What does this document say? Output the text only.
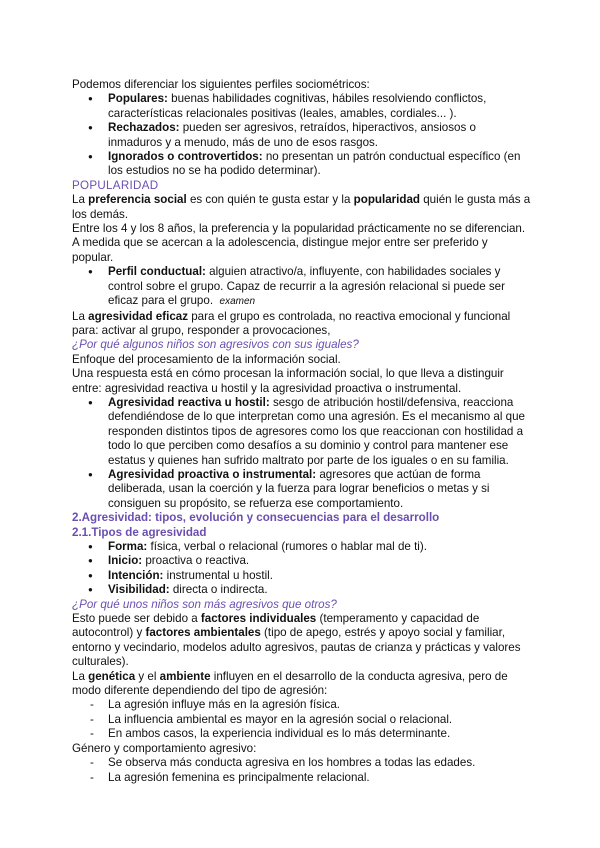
Podemos diferenciar los siguientes perfiles sociométricos:

● Populares: buenas habilidades cognitivas, hábiles resolviendo conflictos, características relacionales positivas (leales, amables, cordiales... ).
● Rechazados: pueden ser agresivos, retraídos, hiperactivos, ansiosos o inmaduros y a menudo, más de uno de esos rasgos.
● Ignorados o controvertidos: no presentan un patrón conductual específico (en los estudios no se ha podido determinar).

POPULARIDAD

La preferencia social es con quién te gusta estar y la popularidad quién le gusta más a los demás.

Entre los 4 y los 8 años, la preferencia y la popularidad prácticamente no se diferencian. A medida que se acercan a la adolescencia, distingue mejor entre ser preferido y popular.

● Perfil conductual: alguien atractivo/a, influyente, con habilidades sociales y control sobre el grupo. Capaz de recurrir a la agresión relacional si puede ser eficaz para el grupo. examen

La agresividad eficaz para el grupo es controlada, no reactiva emocional y funcional para: activar al grupo, responder a provocaciones,

¿Por qué algunos niños son agresivos con sus iguales?

Enfoque del procesamiento de la información social.

Una respuesta está en cómo procesan la información social, lo que lleva a distinguir entre: agresividad reactiva u hostil y la agresividad proactiva o instrumental.

● Agresividad reactiva u hostil: sesgo de atribución hostil/defensiva, reacciona defendiéndose de lo que interpretan como una agresión. Es el mecanismo al que responden distintos tipos de agresores como los que reaccionan con hostilidad a todo lo que perciben como desafíos a su dominio y control para mantener ese estatus y quienes han sufrido maltrato por parte de los iguales o en su familia.
● Agresividad proactiva o instrumental: agresores que actúan de forma deliberada, usan la coerción y la fuerza para lograr beneficios o metas y si consiguen su propósito, se refuerza ese comportamiento.

2.Agresividad: tipos, evolución y consecuencias para el desarrollo

2.1.Tipos de agresividad

● Forma: física, verbal o relacional (rumores o hablar mal de ti).
● Inicio: proactiva o reactiva.
● Intención: instrumental u hostil.
● Visibilidad: directa o indirecta.

¿Por qué unos niños son más agresivos que otros?

Esto puede ser debido a factores individuales (temperamento y capacidad de autocontrol) y factores ambientales (tipo de apego, estrés y apoyo social y familiar, entorno y vecindario, modelos adulto agresivos, pautas de crianza y prácticas y valores culturales).

La genética y el ambiente influyen en el desarrollo de la conducta agresiva, pero de modo diferente dependiendo del tipo de agresión:

- La agresión influye más en la agresión física.
- La influencia ambiental es mayor en la agresión social o relacional.
- En ambos casos, la experiencia individual es lo más determinante.

Género y comportamiento agresivo:

- Se observa más conducta agresiva en los hombres a todas las edades.
- La agresión femenina es principalmente relacional.
